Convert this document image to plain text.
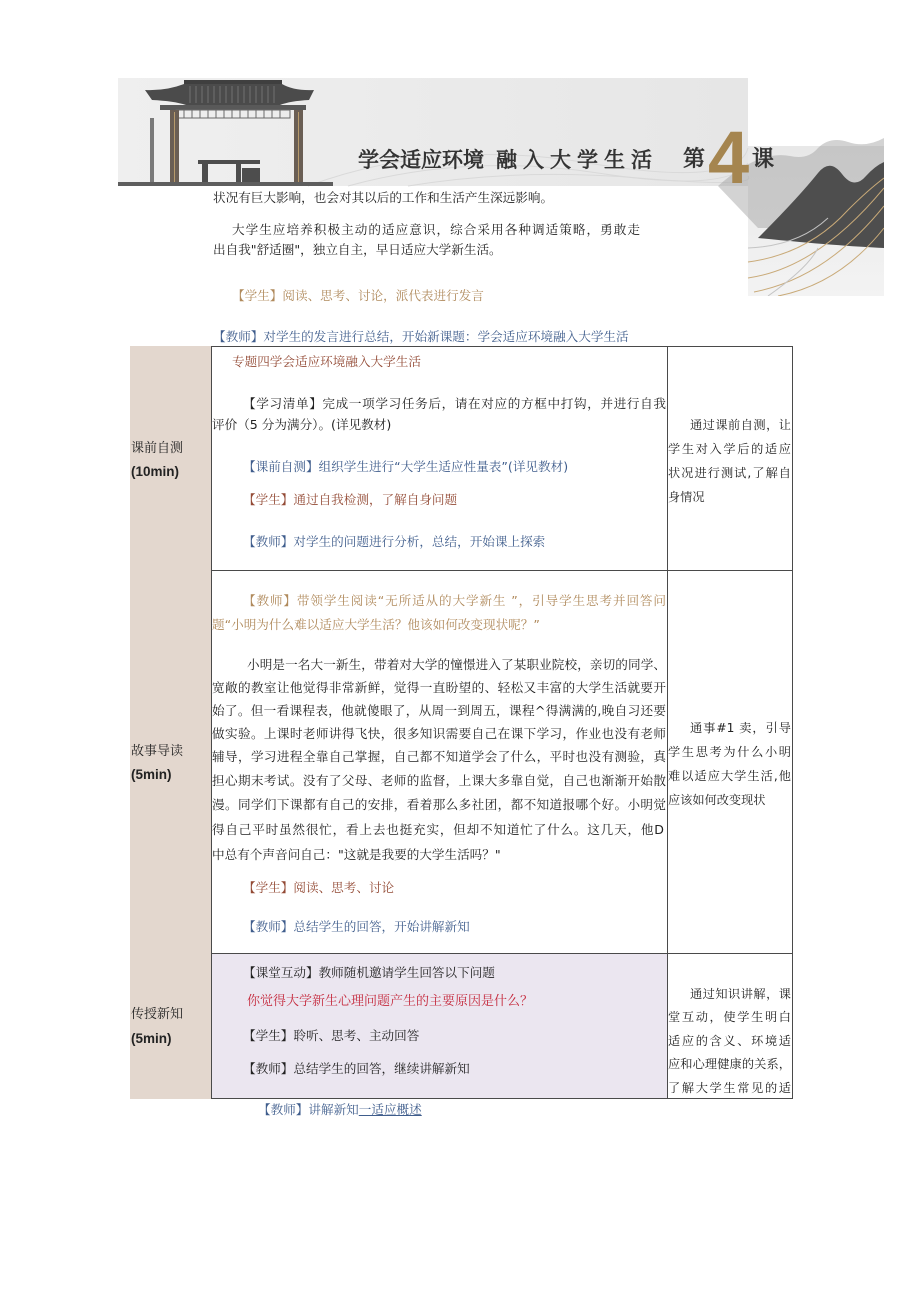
学会适应环境 融入大学生活 第 4 课
状况有巨大影响，也会对其以后的工作和生活产生深远影响。
大学生应培养积极主动的适应意识，综合采用各种调适策略，勇敢走
出自我"舒适圈"，独立自主，早日适应大学新生活。
【学生】阅读、思考、讨论，派代表进行发言
【教师】对学生的发言进行总结，开始新课题：学会适应环境融入大学生活
课前自测
(10min)
专题四学会适应环境融入大学生活
【学习清单】完成一项学习任务后，请在对应的方框中打钩，并进行自我
评价（5 分为满分）。(详见教材)
【课前自测】组织学生进行“大学生适应性量表”(详见教材)
【学生】通过自我检测，了解自身问题
【教师】对学生的问题进行分析，总结，开始课上探索
通过课前自测，让
学生对入学后的适应
状况进行测试,了解自
身情况
故事导读
(5min)
【教师】带领学生阅读“无所适从的大学新生 ”，引导学生思考并回答问
题“小明为什么难以适应大学生活？他该如何改变现状呢？”
小明是一名大一新生，带着对大学的憧憬进入了某职业院校，亲切的同学、
宽敞的教室让他觉得非常新鲜，觉得一直盼望的、轻松又丰富的大学生活就要开
始了。但一看课程表，他就傻眼了，从周一到周五，课程^得满满的,晚自习还要
做实验。上课时老师讲得飞快，很多知识需要自己在课下学习，作业也没有老师
辅导，学习进程全靠自己掌握，自己都不知道学会了什么，平时也没有测验，真
担心期末考试。没有了父母、老师的监督，上课大多靠自觉，自己也渐渐开始散
漫。同学们下课都有自己的安排，看着那么多社团，都不知道报哪个好。小明觉
得自己平时虽然很忙，看上去也挺充实，但却不知道忙了什么。这几天，他D
中总有个声音问自己："这就是我要的大学生活吗？"
【学生】阅读、思考、讨论
【教师】总结学生的回答，开始讲解新知
通事#1 卖，引导
学生思考为什么小明
难以适应大学生活,他
应该如何改变现状
传授新知
(5min)
【课堂互动】教师随机邀请学生回答以下问题
你觉得大学新生心理问题产生的主要原因是什么？
【学生】聆听、思考、主动回答
【教师】总结学生的回答，继续讲解新知
通过知识讲解，课
堂互动，使学生明白
适应的含义、环境适
应和心理健康的关系，
了解大学生常见的适
【教师】讲解新知一适应概述
